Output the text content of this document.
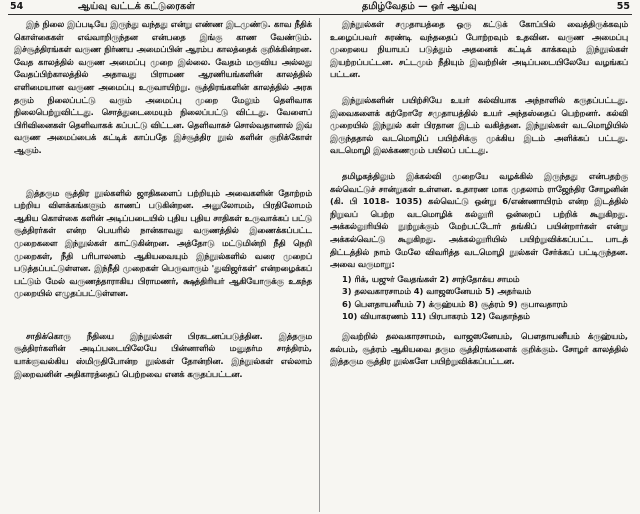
54	ஆய்வு வட்டக் கட்டுரைகள்	தமிழ்வேதம் — ஒர் ஆய்வு	55

இந் நிலை இப்படியே இருந்து வந்தது என்று எண்ண இடமுண்டு. காவ நீதிக் கொள்கைகள் எவ்வாறிருந்தன என்பதை இங்கு காண வேண்டும். இச்சூத்திரங்கள் வருண நிர்ணய அமைப்பின் ஆரம்ப காலத்தைக் குறிக்கின்றன. வேத காலத்தில் வருண அமைப்பு முறை இல்லை. வேதம் மருவிய அல்லது வேதப்பிற்காலத்தில் அதாவது பிராமண ஆரணியங்களின் காலத்தில் எளிமையான வருண அமைப்பு உருவாயிற்று. சூத்திரங்களின் காலத்தில் அரசு தரும் நிலைப்பட்டு வரும் அமைப்பு முறை மேலும் தெளிவாக நிலைபெற்றுவிட்டது. சொத்துடைமையும் நிலைப்பட்டு விட்டது. வேளைப் பிரிவினைகள் தெளிவாகக் கப்பட்டு விட்டன. தெளிவாகச் சொல்வதானால் இவ் வருண அமைப்பைக் கட்டிக் காப்பதே இச்சூத்திர நூல் களின் குறிக்கோள் ஆகும்.

இத்தரும சூத்திர நூல்களில் ஜாதிகளைப் பற்றியும் அவைகளின் தோற்றம் பற்றிய விளக்கங்களும் காணப் படுகின்றன. அனுலோமம், பிரதிலோமம் ஆகிய கொள்கை களின் அடிப்படையில் புதிய புதிய சாதிகள் உருவாக்கப் பட்டு சூத்திரர்கள் என்ற பெயரில் நான்காவது வருணத்தில் இணைக்கப்பட்ட முறைகளை இந்நூல்கள் காட்டுகின்றன. அத்தோடு மட்டுமின்றி நீதி நெறி முறைகள், நீதி பரிபாலனம் ஆகியவையும் இந்நூல்களில் வரை முறைப் படுத்தப்பட்டுள்ளன. இந்நீதி முறைகள் பெருவாரும் 'துவிஜர்கள்' என்றழைக்கப் பட்டும் மேல் வருணத்தாராகிய பிராமணர், க்ஷத்திரியர் ஆகியோருக்கு உகந்த முறையில் எழுதப்பட்டுள்ளன.

சாதிக்கொரு நீதியை இந்நூல்கள் பிரகடனப்படுத்தின. இத்தரும சூத்திரர்களின் அடிப்படையிலேயே பின்னாளில் மனுதர்ம சாத்திரம், யாக்ஞவல்கிய ஸ்மிருதிபோன்ற நூல்கள் தோன்றின. இந்நூல்கள் எல்லாம் இறைவனின் அதிகாரத்தைப் பெற்றவை எனக் கருதப்பட்டன.

இந்நூல்கள் சமுதாயத்தை ஒரு கட்டுக் கோப்பில் வைத்திருக்கவும் உழைப்பவர் சுரண்டி வந்ததைப் போற்றவும் உதவின. வருண அமைப்பு முறையை நியாயப் படுத்தும் அதனைக் கட்டிக் காக்கவும் இந்நூல்கள் இயற்றப்பட்டன. சட்டமும் நீதியும் இவற்றின் அடிப்படையிலேயே வழங்கப் பட்டன.

இந்நூல்களின் பயிற்சியே உயர் கல்வியாக அந்நாளில் கருதப்பட்டது. இவைகளைக் கற்றோரே சமுதாயத்தில் உயர் அந்தஸ்தைப் பெற்றனர். கல்வி முறையில் இந்நூல் கள் பிரதான இடம் வகித்தன. இந்நூல்கள் வடமொழியில் இருந்ததால் வடமொழிப் பயிற்சிக்கு முக்கிய இடம் அளிக்கப் பட்டது. வடமொழி இலக்கணமும் பயிலப் பட்டது.

தமிழகத்திலும் இக்கல்வி முறையே வழக்கில் இருந்தது என்பதற்கு கல்வெட்டுச் சான்றுகள் உள்ளன. உதாரண மாக முதலாம் ராஜேந்திர சோழனின் (கி. பி 1018- 1035) கல்வெட்டு ஒன்று 6/எண்ணாயிரம் என்ற இடத்தில் நிறுவப் பெற்ற வடமொழிக் கல்லூரி ஒன்றைப் பற்றிக் கூறுகிறது. அக்கல்லூரியில் நூற்றுக்கும் மேற்பட்டோர் தங்கிப் பயின்றார்கள் என்று அக்கல்வெட்டு கூறுகிறது. அக்கல்லூரியில் பயிற்றுவிக்கப்பட்ட பாடத் திட்டத்தில் நாம் மேலே விவரித்த வடமொழி நூல்கள் சேர்க்கப் பட்டிருந்தன. அவை வருமாறு:

1) ரிக், யஜுர் வேதங்கள் 2) சாந்தோக்ய சாமம்
3) தலவகாரசாமம் 4) வாஜஸனேயம் 5) அதர்வம்
6) பௌதாயனீயம் 7) க்ருஹ்யம் 8) சூத்ரம் 9) ரூபாவதாரம்
10) வியாகரணம் 11) பிரபாகரம் 12) வேதாந்தம்

இவற்றில் தலவகாரசாமம், வாஜஸனேயம், பௌதாயனீயம் க்ருஹ்யம், கல்பம், சூத்ரம் ஆகியவை தரும சூத்திரங்களைக் குறிக்கும். சோழர் காலத்தில் இத்தரும சூத்திர நூல்களே பயிற்றுவிக்கப்பட்டன.
